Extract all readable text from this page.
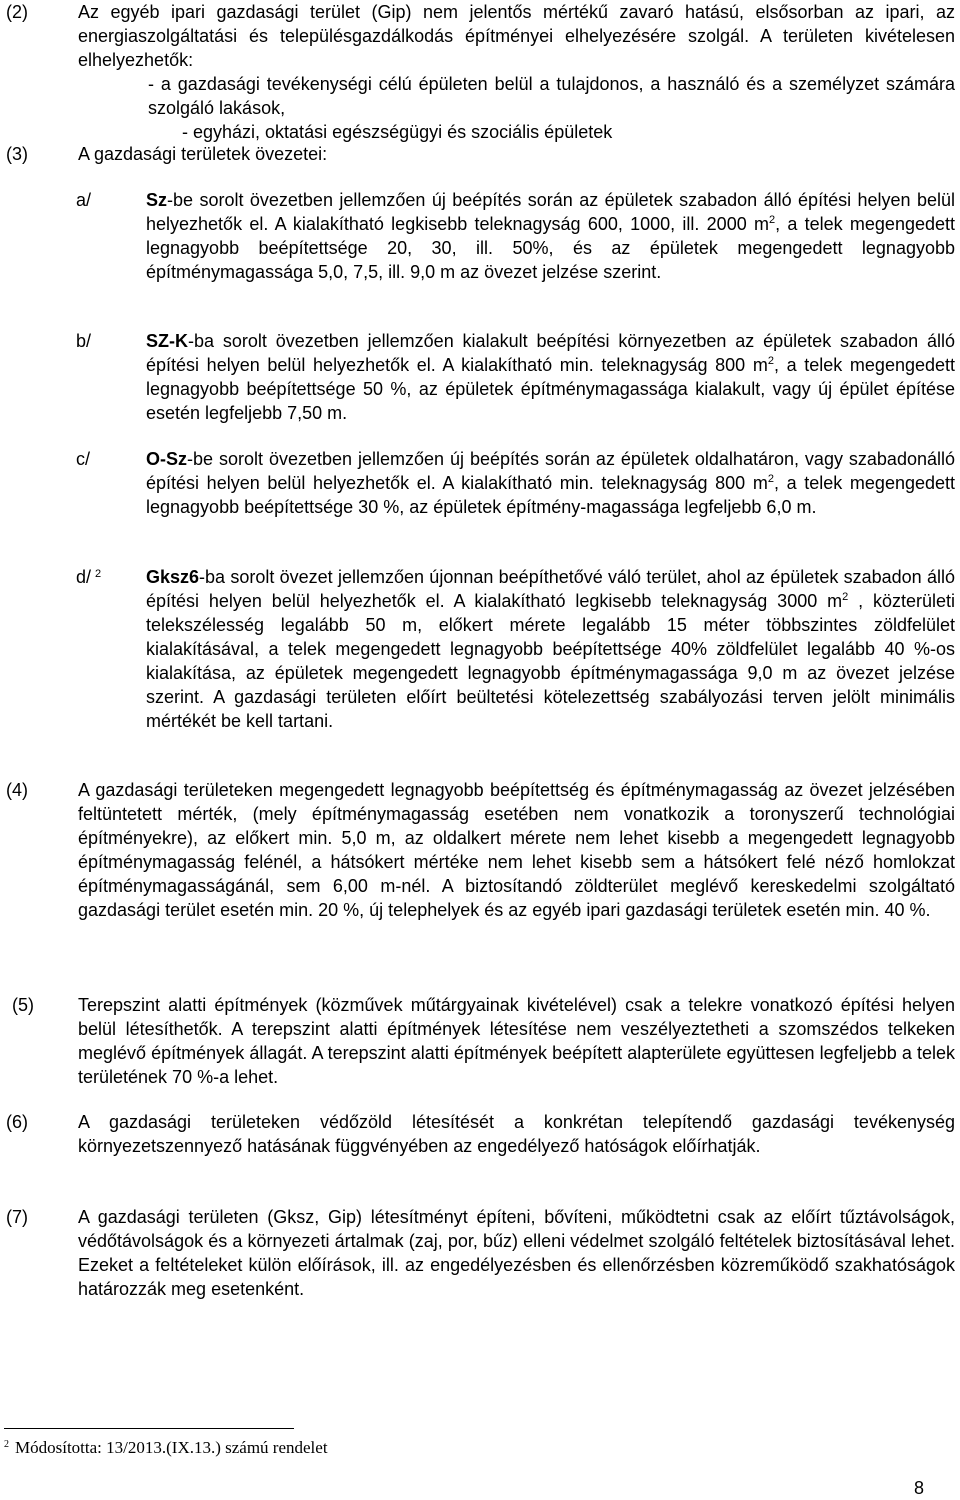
(2)	Az egyéb ipari gazdasági terület (Gip) nem jelentős mértékű zavaró hatású, elsősorban az ipari, az energiaszolgáltatási és településgazdálkodás építményei elhelyezésére szolgál. A területen kivételesen elhelyezhetők:
- a gazdasági tevékenységi célú épületen belül a tulajdonos, a használó és a személyzet számára szolgáló lakások,
- egyházi, oktatási egészségügyi és szociális épületek
(3)	A gazdasági területek övezetei:
a/	Sz-be sorolt övezetben jellemzően új beépítés során az épületek szabadon álló építési helyen belül helyezhetők el. A kialakítható legkisebb teleknagyság 600, 1000, ill. 2000 $m^2$, a telek megengedett legnagyobb beépítettsége 20, 30, ill. 50%, és az épületek megengedett legnagyobb építménymagassága 5,0, 7,5, ill. 9,0 m az övezet jelzése szerint.
b/	SZ-K-ba sorolt övezetben jellemzően kialakult beépítési környezetben az épületek szabadon álló építési helyen belül helyezhetők el. A kialakítható min. teleknagyság 800 $m^2$, a telek megengedett legnagyobb beépítettsége 50 %, az épületek építménymagassága kialakult, vagy új épület építése esetén legfeljebb 7,50 m.
c/	O-Sz-be sorolt övezetben jellemzően új beépítés során az épületek oldalhatáron, vagy szabadonálló építési helyen belül helyezhetők el. A kialakítható min. teleknagyság 800 $m^2$, a telek megengedett legnagyobb beépítettsége 30 %, az épületek építmény-magassága legfeljebb 6,0 m.
d/ $^2$ Gksz6-ba sorolt övezet jellemzően újonnan beépíthetővé váló terület, ahol az épületek szabadon álló építési helyen belül helyezhetők el. A kialakítható legkisebb teleknagyság 3000 $m^2$ , közterületi telekszélesség legalább 50 m, előkert mérete legalább 15 méter többszintes zöldfelület kialakításával, a telek megengedett legnagyobb beépítettsége 40% zöldfelület legalább 40 %-os kialakítása, az épületek megengedett legnagyobb építménymagassága 9,0 m az övezet jelzése szerint. A gazdasági területen előírt beültetési kötelezettség szabályozási terven jelölt minimális mértékét be kell tartani.
(4)	A gazdasági területeken megengedett legnagyobb beépítettség és építménymagasság az övezet jelzésében feltüntetett mérték, (mely építménymagasság esetében nem vonatkozik a toronyszerű technológiai építményekre), az előkert min. 5,0 m, az oldalkert mérete nem lehet kisebb a megengedett legnagyobb építménymagasság felénél, a hátsókert mértéke nem lehet kisebb sem a hátsókert felé néző homlokzat építménymagasságánál, sem 6,00 m-nél. A biztosítandó zöldterület meglévő kereskedelmi szolgáltató gazdasági terület esetén min. 20 %, új telephelyek és az egyéb ipari gazdasági területek esetén min. 40 %.
(5) Terepszint alatti építmények (közművek műtárgyainak kivételével) csak a telekre vonatkozó építési helyen belül létesíthetők. A terepszint alatti építmények létesítése nem veszélyeztetheti a szomszédos telkeken meglévő építmények állagát. A terepszint alatti építmények beépített alapterülete együttesen legfeljebb a telek területének 70 %-a lehet.
(6)	A gazdasági területeken védőzöld létesítését a konkrétan telepítendő gazdasági tevékenység környezetszennyező hatásának függvényében az engedélyező hatóságok előírhatják.
(7)	A gazdasági területen (Gksz, Gip) létesítményt építeni, bővíteni, működtetni csak az előírt tűztávolságok, védőtávolságok és a környezeti ártalmak (zaj, por, bűz) elleni védelmet szolgáló feltételek biztosításával lehet. Ezeket a feltételeket külön előírások, ill. az engedélyezésben és ellenőrzésben közreműködő szakhatóságok határozzák meg esetenként.
$^2$ Módosította: 13/2013.(IX.13.) számú rendelet
8
